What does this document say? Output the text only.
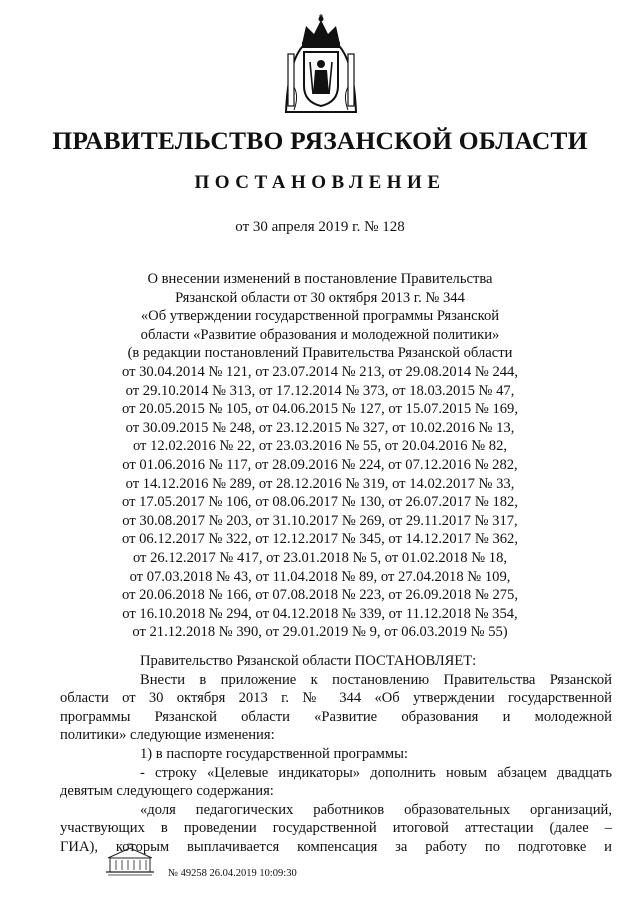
ПРАВИТЕЛЬСТВО РЯЗАНСКОЙ ОБЛАСТИ
ПОСТАНОВЛЕНИЕ
от 30 апреля 2019 г. № 128
О внесении изменений в постановление Правительства
Рязанской области от 30 октября 2013 г. № 344
«Об утверждении государственной программы Рязанской
области «Развитие образования и молодежной политики»
(в редакции постановлений Правительства Рязанской области
от 30.04.2014 № 121, от 23.07.2014 № 213, от 29.08.2014 № 244,
от 29.10.2014 № 313, от 17.12.2014 № 373, от 18.03.2015 № 47,
от 20.05.2015 № 105, от 04.06.2015 № 127, от 15.07.2015 № 169,
от 30.09.2015 № 248, от 23.12.2015 № 327, от 10.02.2016 № 13,
от 12.02.2016 № 22, от 23.03.2016 № 55, от 20.04.2016 № 82,
от 01.06.2016 № 117, от 28.09.2016 № 224, от 07.12.2016 № 282,
от 14.12.2016 № 289, от 28.12.2016 № 319, от 14.02.2017 № 33,
от 17.05.2017 № 106, от 08.06.2017 № 130, от 26.07.2017 № 182,
от 30.08.2017 № 203, от 31.10.2017 № 269, от 29.11.2017 № 317,
от 06.12.2017 № 322, от 12.12.2017 № 345, от 14.12.2017 № 362,
от 26.12.2017 № 417, от 23.01.2018 № 5, от 01.02.2018 № 18,
от 07.03.2018 № 43, от 11.04.2018 № 89, от 27.04.2018 № 109,
от 20.06.2018 № 166, от 07.08.2018 № 223, от 26.09.2018 № 275,
от 16.10.2018 № 294, от 04.12.2018 № 339, от 11.12.2018 № 354,
от 21.12.2018 № 390, от 29.01.2019 № 9, от 06.03.2019 № 55)

Правительство Рязанской области ПОСТАНОВЛЯЕТ:

Внести в приложение к постановлению Правительства Рязанской
области от 30 октября 2013 г. № 344 «Об утверждении государственной
программы Рязанской области «Развитие образования и молодежной
политики» следующие изменения:

1) в паспорте государственной программы:

- строку «Целевые индикаторы» дополнить новым абзацем двадцать
девятым следующего содержания:

«доля педагогических работников образовательных организаций,
участвующих в проведении государственной итоговой аттестации (далее –
ГИА), которым выплачивается компенсация за работу по подготовке и

№ 49258 26.04.2019 10:09:30
